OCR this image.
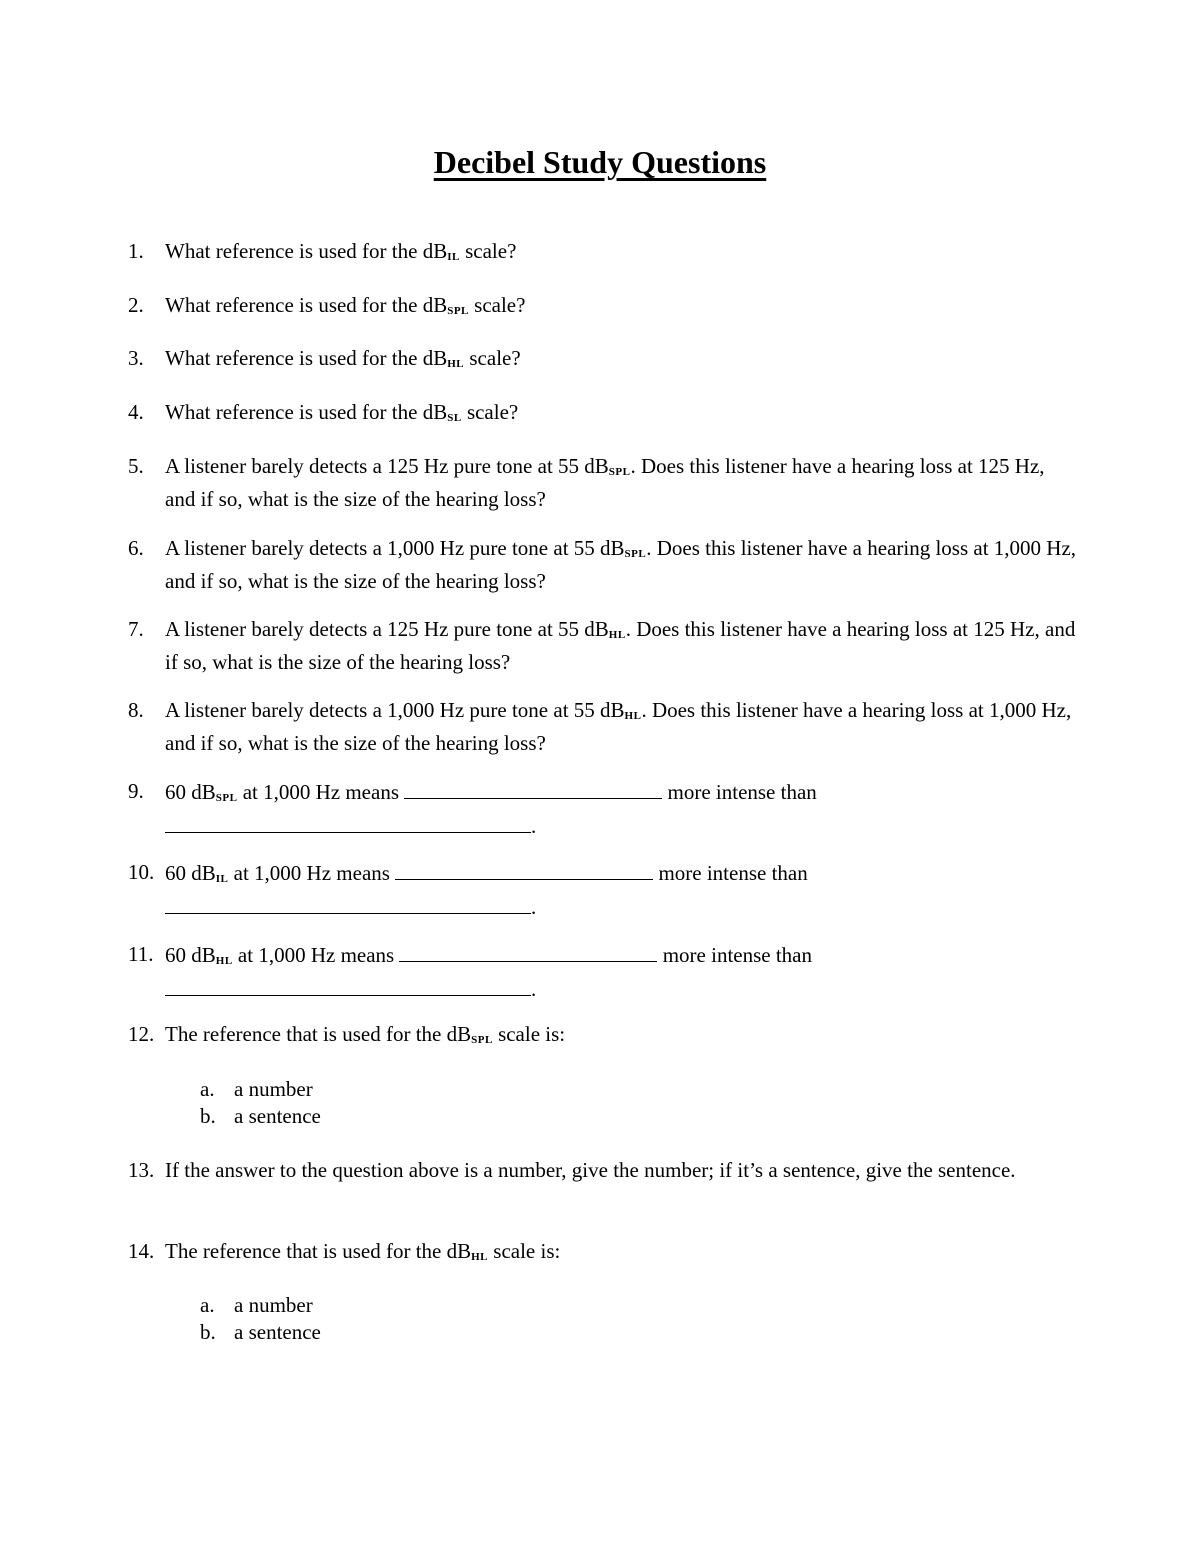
Decibel Study Questions
1.	What reference is used for the dBIL scale?
2.	What reference is used for the dBSPL scale?
3.	What reference is used for the dBHL scale?
4.	What reference is used for the dBSL scale?
5.	A listener barely detects a 125 Hz pure tone at 55 dBSPL. Does this listener have a hearing loss at 125 Hz, and if so, what is the size of the hearing loss?
6.	A listener barely detects a 1,000 Hz pure tone at 55 dBSPL. Does this listener have a hearing loss at 1,000 Hz, and if so, what is the size of the hearing loss?
7.	A listener barely detects a 125 Hz pure tone at 55 dBHL. Does this listener have a hearing loss at 125 Hz, and if so, what is the size of the hearing loss?
8.	A listener barely detects a 1,000 Hz pure tone at 55 dBHL. Does this listener have a hearing loss at 1,000 Hz, and if so, what is the size of the hearing loss?
9.	60 dBSPL at 1,000 Hz means	more intense than
.
10. 60 dBIL at 1,000 Hz means	more intense than
.
11. 60 dBHL at 1,000 Hz means	more intense than
.
12. The reference that is used for the dBSPL scale is:
a. a number
b. a sentence
13. If the answer to the question above is a number, give the number; if it’s a sentence, give the sentence.
14. The reference that is used for the dBHL scale is:
a. a number
b. a sentence
